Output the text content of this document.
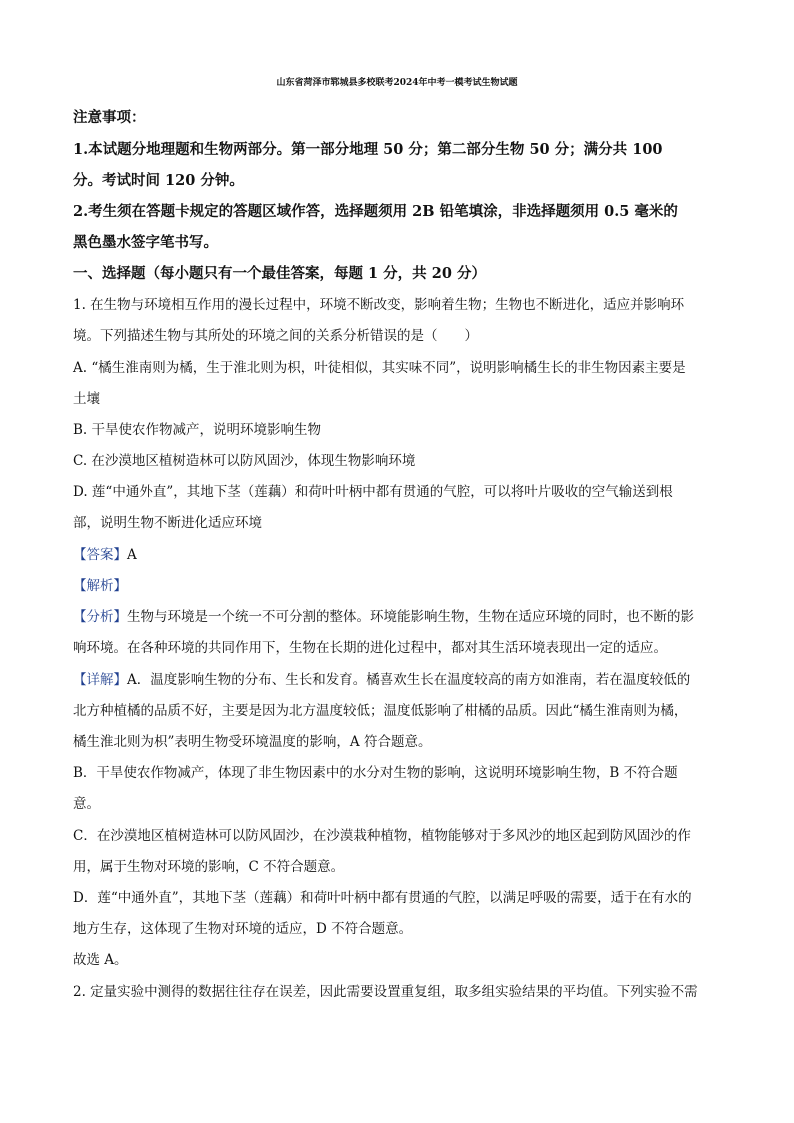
山东省菏泽市郓城县多校联考2024年中考一模考试生物试题
注意事项：
1.本试题分地理题和生物两部分。第一部分地理 50 分；第二部分生物 50 分；满分共 100
分。考试时间 120 分钟。
2.考生须在答题卡规定的答题区域作答，选择题须用 2B 铅笔填涂，非选择题须用 0.5 毫米的
黑色墨水签字笔书写。
一、选择题（每小题只有一个最佳答案，每题 1 分，共 20 分）
1. 在生物与环境相互作用的漫长过程中，环境不断改变，影响着生物；生物也不断进化，适应并影响环
境。下列描述生物与其所处的环境之间的关系分析错误的是（　　）
A. “橘生淮南则为橘，生于淮北则为枳，叶徒相似，其实味不同”，说明影响橘生长的非生物因素主要是
土壤
B. 干旱使农作物减产，说明环境影响生物
C. 在沙漠地区植树造林可以防风固沙，体现生物影响环境
D. 莲“中通外直”，其地下茎（莲藕）和荷叶叶柄中都有贯通的气腔，可以将叶片吸收的空气输送到根
部，说明生物不断进化适应环境
【答案】A
【解析】
【分析】生物与环境是一个统一不可分割的整体。环境能影响生物，生物在适应环境的同时，也不断的影
响环境。在各种环境的共同作用下，生物在长期的进化过程中，都对其生活环境表现出一定的适应。
【详解】A．温度影响生物的分布、生长和发育。橘喜欢生长在温度较高的南方如淮南，若在温度较低的
北方种植橘的品质不好，主要是因为北方温度较低；温度低影响了柑橘的品质。因此“橘生淮南则为橘，
橘生淮北则为枳”表明生物受环境温度的影响，A 符合题意。
B．干旱使农作物减产，体现了非生物因素中的水分对生物的影响，这说明环境影响生物，B 不符合题
意。
C．在沙漠地区植树造林可以防风固沙，在沙漠栽种植物，植物能够对于多风沙的地区起到防风固沙的作
用，属于生物对环境的影响，C 不符合题意。
D．莲“中通外直”，其地下茎（莲藕）和荷叶叶柄中都有贯通的气腔，以满足呼吸的需要，适于在有水的
地方生存，这体现了生物对环境的适应，D 不符合题意。
故选 A。
2. 定量实验中测得的数据往往存在误差，因此需要设置重复组，取多组实验结果的平均值。下列实验不需
